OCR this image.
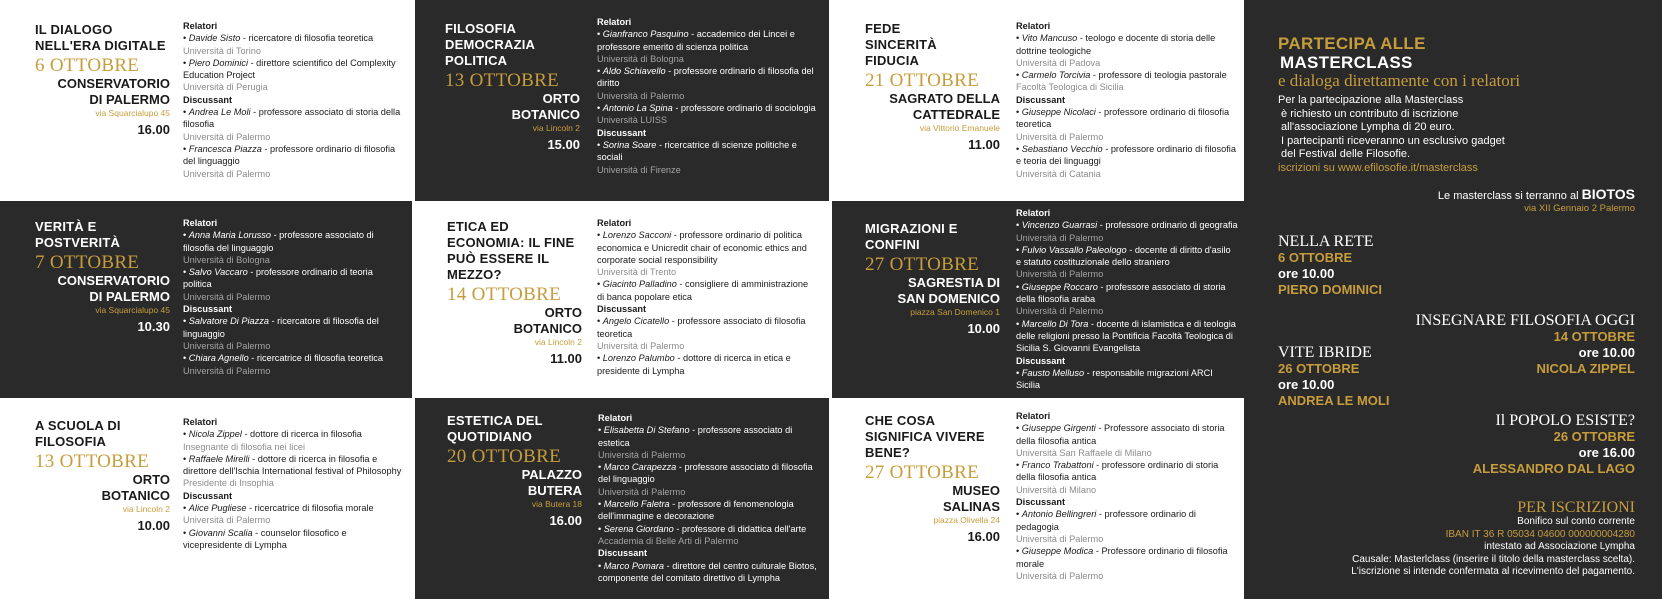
IL DIALOGO
NELL'ERA DIGITALE
6 OTTOBRE
CONSERVATORIO
DI PALERMO
via Squarcialupo 45
16.00
Relatori
• Davide Sisto - ricercatore di filosofia teoretica
Università di Torino
• Piero Dominici - direttore scientifico del Complexity Education Project
Università di Perugia
Discussant
• Andrea Le Moli - professore associato di storia della filosofia
Università di Palermo
• Francesca Piazza - professore ordinario di filosofia del linguaggio
Università di Palermo
FILOSOFIA
DEMOCRAZIA
POLITICA
13 OTTOBRE
ORTO
BOTANICO
via Lincoln 2
15.00
Relatori
• Gianfranco Pasquino - accademico dei Lincei e professore emerito di scienza politica
Università di Bologna
• Aldo Schiavello - professore ordinario di filosofia del diritto
Università di Palermo
• Antonio La Spina - professore ordinario di sociologia
Università LUISS
Discussant
• Sorina Soare - ricercatrice di scienze politiche e sociali
Università di Firenze
FEDE
SINCERITÀ
FIDUCIA
21 OTTOBRE
SAGRATO DELLA
CATTEDRALE
via Vittorio Emanuele
11.00
Relatori
• Vito Mancuso - teologo e docente di storia delle dottrine teologiche
Università di Padova
• Carmelo Torcivia - professore di teologia pastorale
Facoltà Teologica di Sicilia
Discussant
• Giuseppe Nicolaci - professore ordinario di filosofia teoretica
Università di Palermo
• Sebastiano Vecchio - professore ordinario di filosofia e teoria dei linguaggi
Università di Catania
VERITÀ E
POSTVERITÀ
7 OTTOBRE
CONSERVATORIO
DI PALERMO
via Squarcialupo 45
10.30
Relatori
• Anna Maria Lorusso - professore associato di filosofia del linguaggio
Università di Bologna
• Salvo Vaccaro - professore ordinario di teoria politica
Università di Palermo
Discussant
• Salvatore Di Piazza - ricercatore di filosofia del linguaggio
Università di Palermo
• Chiara Agnello - ricercatrice di filosofia teoretica
Università di Palermo
ETICA ED
ECONOMIA: IL FINE
PUÒ ESSERE IL
MEZZO?
14 OTTOBRE
ORTO
BOTANICO
via Lincoln 2
11.00
Relatori
• Lorenzo Sacconi - professore ordinario di politica economica e Unicredit chair of economic ethics and corporate social responsibility
Università di Trento
• Giacinto Palladino - consigliere di amministrazione di banca popolare etica
Discussant
• Angelo Cicatello - professore associato di filosofia teoretica
Università di Palermo
• Lorenzo Palumbo - dottore di ricerca in etica e presidente di Lympha
MIGRAZIONI E
CONFINI
27 OTTOBRE
SAGRESTIA DI
SAN DOMENICO
piazza San Domenico 1
10.00
Relatori
• Vincenzo Guarrasi - professore ordinario di geografia
Università di Palermo
• Fulvio Vassallo Paleologo - docente di diritto d'asilo e statuto costituzionale dello straniero
Università di Palermo
• Giuseppe Roccaro - professore associato di storia della filosofia araba
Università di Palermo
• Marcello Di Tora - docente di islamistica e di teologia delle religioni presso la Pontificia Facoltà Teologica di Sicilia S. Giovanni Evangelista
Discussant
• Fausto Melluso - responsabile migrazioni ARCI Sicilia
A SCUOLA DI
FILOSOFIA
13 OTTOBRE
ORTO
BOTANICO
via Lincoln 2
10.00
Relatori
• Nicola Zippel - dottore di ricerca in filosofia
Insegnante di filosofia nei licei
• Raffaele Mirelli - dottore di ricerca in filosofia e direttore dell'Ischia International festival of Philosophy
Presidente di Insophia
Discussant
• Alice Pugliese - ricercatrice di filosofia morale
Università di Palermo
• Giovanni Scalia - counselor filosofico e vicepresidente di Lympha
ESTETICA DEL
QUOTIDIANO
20 OTTOBRE
PALAZZO
BUTERA
via Butera 18
16.00
Relatori
• Elisabetta Di Stefano - professore associato di estetica
Università di Palermo
• Marco Carapezza - professore associato di filosofia del linguaggio
Università di Palermo
• Marcello Faletra - professore di fenomenologia dell'immagine e decorazione
• Serena Giordano - professore di didattica dell'arte
Accademia di Belle Arti di Palermo
Discussant
• Marco Pomara - direttore del centro culturale Biotos, componente del comitato direttivo di Lympha
CHE COSA
SIGNIFICA VIVERE
BENE?
27 OTTOBRE
MUSEO
SALINAS
piazza Olivella 24
16.00
Relatori
• Giuseppe Girgenti - Professore associato di storia della filosofia antica
Università San Raffaele di Milano
• Franco Trabattoni - professore ordinario di storia della filosofia antica
Università di Milano
Discussant
• Antonio Bellingreri - professore ordinario di pedagogia
Università di Palermo
• Giuseppe Modica - Professore ordinario di filosofia morale
Università di Palermo
PARTECIPA ALLE
MASTERCLASS
e dialoga direttamente con i relatori
Per la partecipazione alla Masterclass
è richiesto un contributo di iscrizione
all'associazione Lympha di 20 euro.
I partecipanti riceveranno un esclusivo gadget
del Festival delle Filosofie.
iscrizioni su www.efilosofie.it/masterclass
Le masterclass si terranno al BIOTOS
via XII Gennaio 2 Palermo
NELLA RETE
6 OTTOBRE
ore 10.00
PIERO DOMINICI
INSEGNARE FILOSOFIA OGGI
14 OTTOBRE
ore 10.00
NICOLA ZIPPEL
VITE IBRIDE
26 OTTOBRE
ore 10.00
ANDREA LE MOLI
Il POPOLO ESISTE?
26 OTTOBRE
ore 16.00
ALESSANDRO DAL LAGO
PER ISCRIZIONI
Bonifico sul conto corrente
IBAN IT 36 R 05034 04600 000000004280
intestato ad Associazione Lympha
Causale: Masterlclass (inserire il titolo della masterclass scelta).
L'iscrizione si intende confermata al ricevimento del pagamento.
